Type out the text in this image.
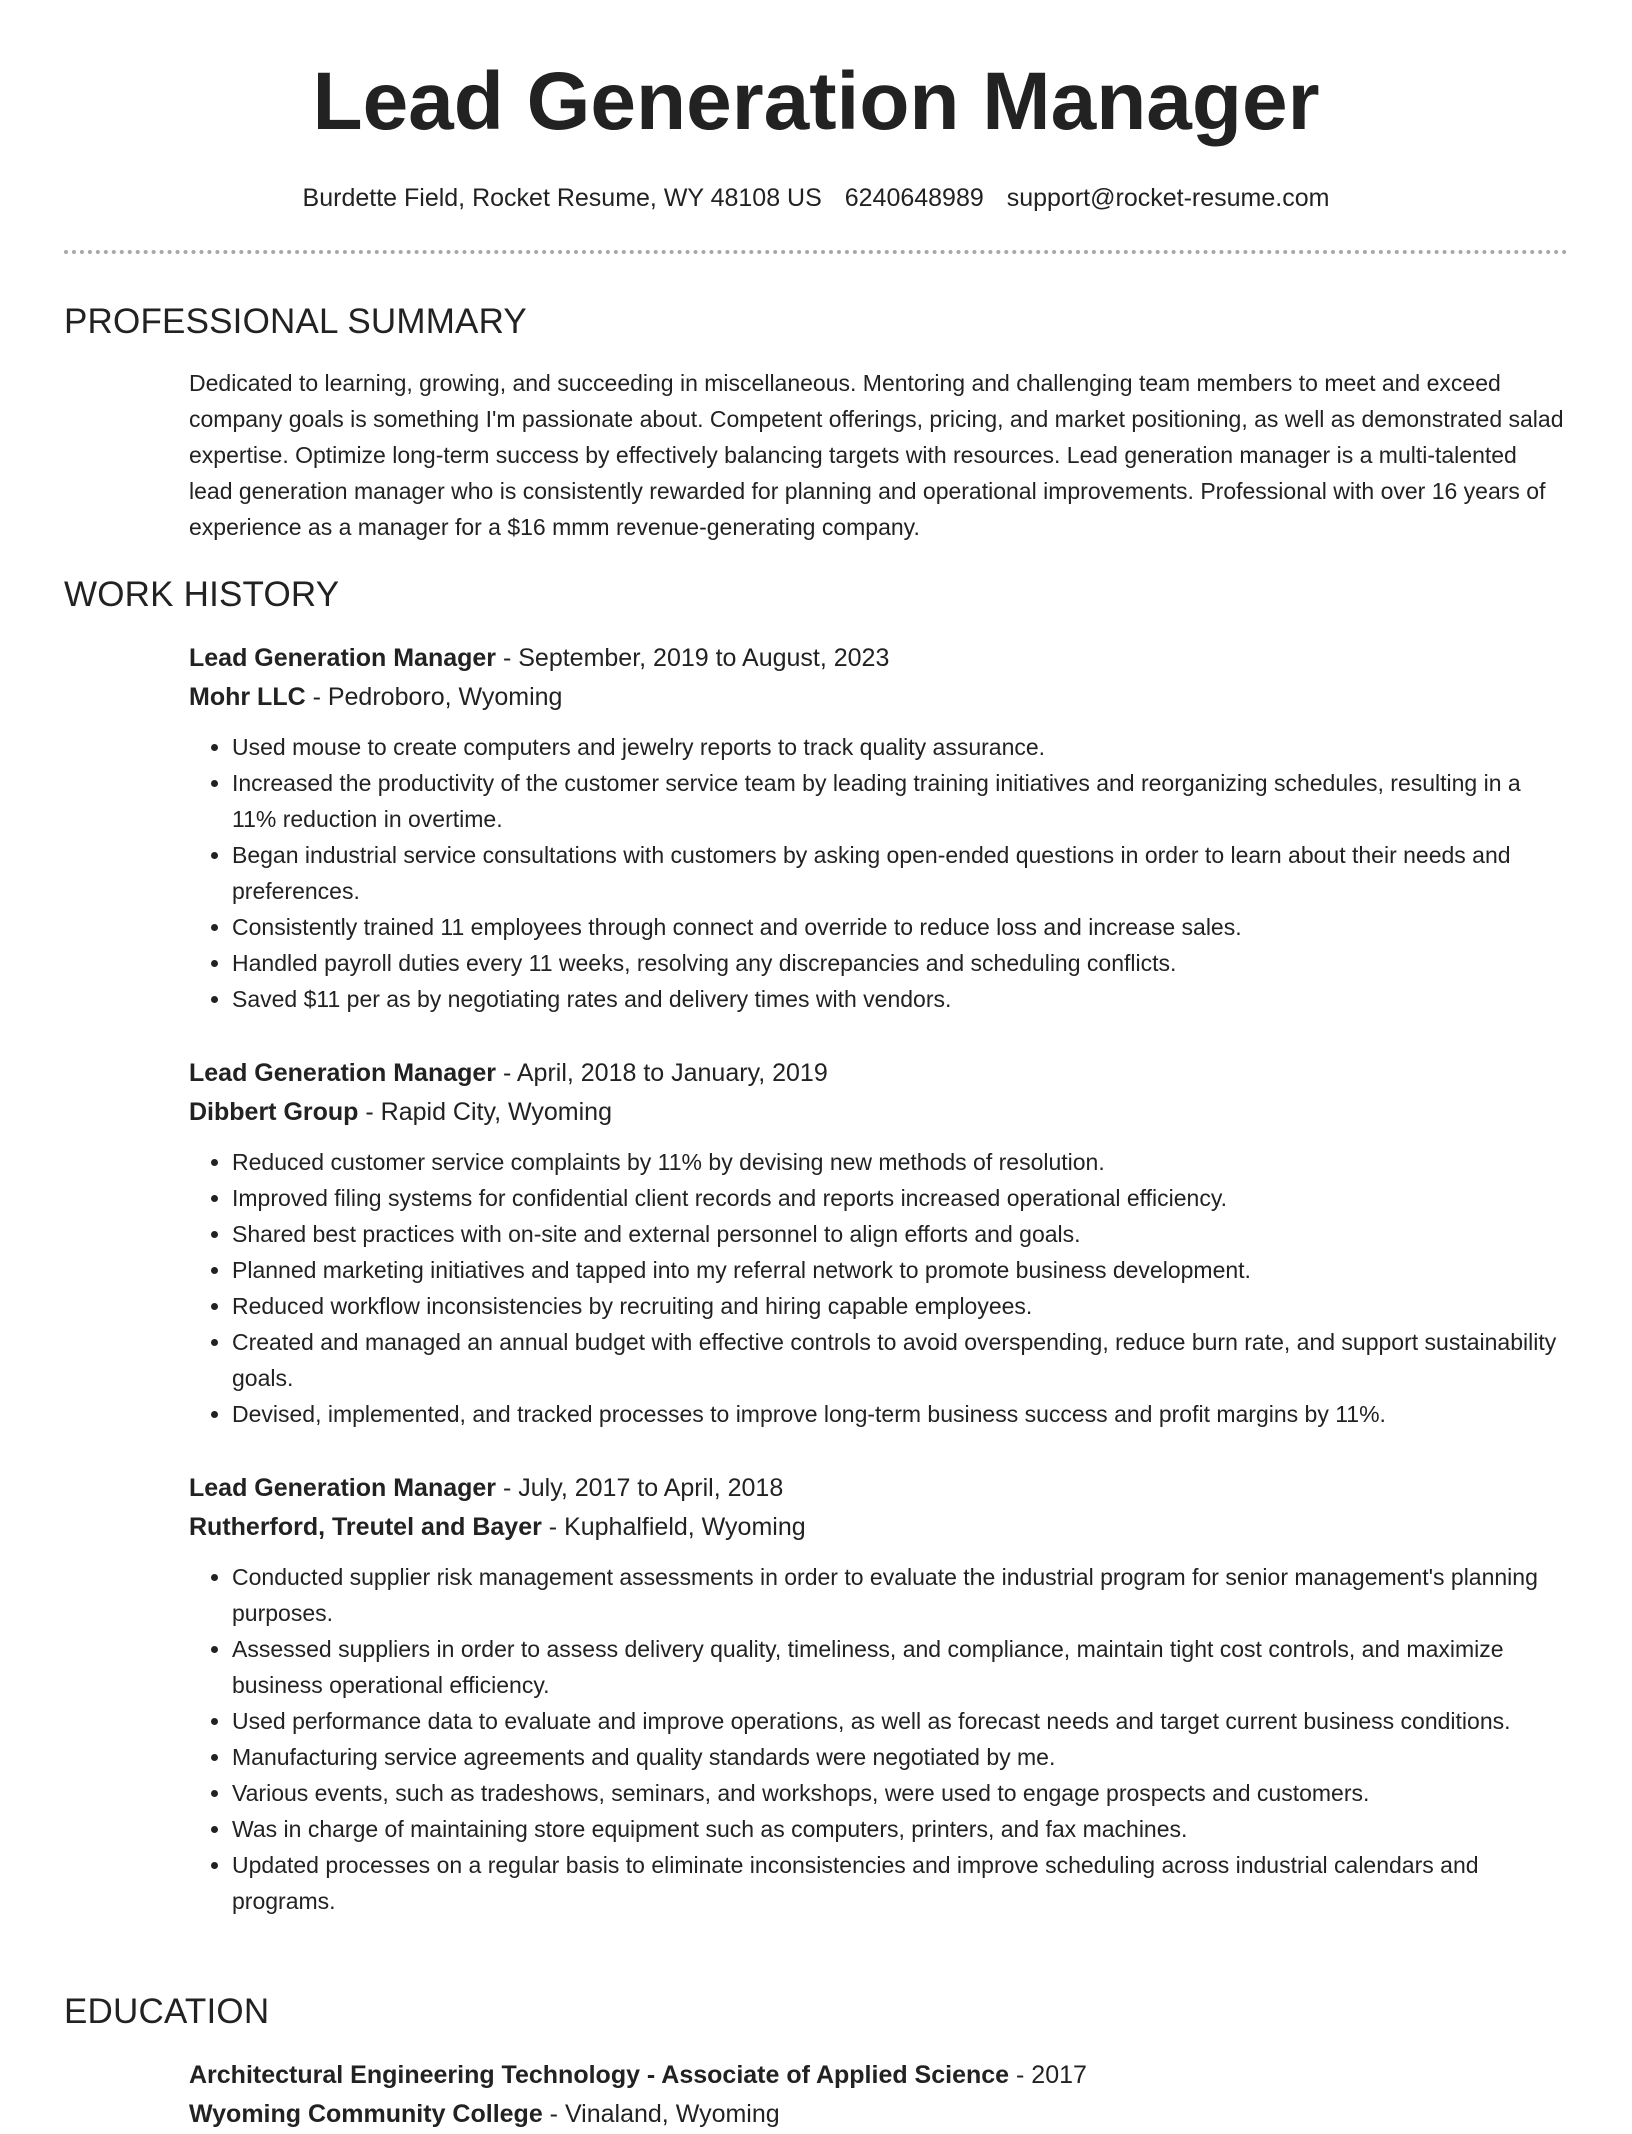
Lead Generation Manager
Burdette Field, Rocket Resume, WY 48108 US 6240648989 support@rocket-resume.com
PROFESSIONAL SUMMARY

Dedicated to learning, growing, and succeeding in miscellaneous. Mentoring and challenging team members to meet and exceed company goals is something I'm passionate about. Competent offerings, pricing, and market positioning, as well as demonstrated salad expertise. Optimize long-term success by effectively balancing targets with resources. Lead generation manager is a multi-talented lead generation manager who is consistently rewarded for planning and operational improvements. Professional with over 16 years of experience as a manager for a $16 mmm revenue-generating company.

WORK HISTORY

Lead Generation Manager - September, 2019 to August, 2023

Mohr LLC - Pedroboro, Wyoming

• Used mouse to create computers and jewelry reports to track quality assurance.
• Increased the productivity of the customer service team by leading training initiatives and reorganizing schedules, resulting in a 11% reduction in overtime.
• Began industrial service consultations with customers by asking open-ended questions in order to learn about their needs and preferences.
• Consistently trained 11 employees through connect and override to reduce loss and increase sales.
• Handled payroll duties every 11 weeks, resolving any discrepancies and scheduling conflicts.
• Saved $11 per as by negotiating rates and delivery times with vendors.

Lead Generation Manager - April, 2018 to January, 2019

Dibbert Group - Rapid City, Wyoming

• Reduced customer service complaints by 11% by devising new methods of resolution.
• Improved filing systems for confidential client records and reports increased operational efficiency.
• Shared best practices with on-site and external personnel to align efforts and goals.
• Planned marketing initiatives and tapped into my referral network to promote business development.
• Reduced workflow inconsistencies by recruiting and hiring capable employees.
• Created and managed an annual budget with effective controls to avoid overspending, reduce burn rate, and support sustainability goals.
• Devised, implemented, and tracked processes to improve long-term business success and profit margins by 11%.

Lead Generation Manager - July, 2017 to April, 2018

Rutherford, Treutel and Bayer - Kuphalfield, Wyoming

• Conducted supplier risk management assessments in order to evaluate the industrial program for senior management's planning purposes.
• Assessed suppliers in order to assess delivery quality, timeliness, and compliance, maintain tight cost controls, and maximize business operational efficiency.
• Used performance data to evaluate and improve operations, as well as forecast needs and target current business conditions.
• Manufacturing service agreements and quality standards were negotiated by me.
• Various events, such as tradeshows, seminars, and workshops, were used to engage prospects and customers.
• Was in charge of maintaining store equipment such as computers, printers, and fax machines.
• Updated processes on a regular basis to eliminate inconsistencies and improve scheduling across industrial calendars and programs.
EDUCATION

Architectural Engineering Technology - Associate of Applied Science - 2017

Wyoming Community College - Vinaland, Wyoming
